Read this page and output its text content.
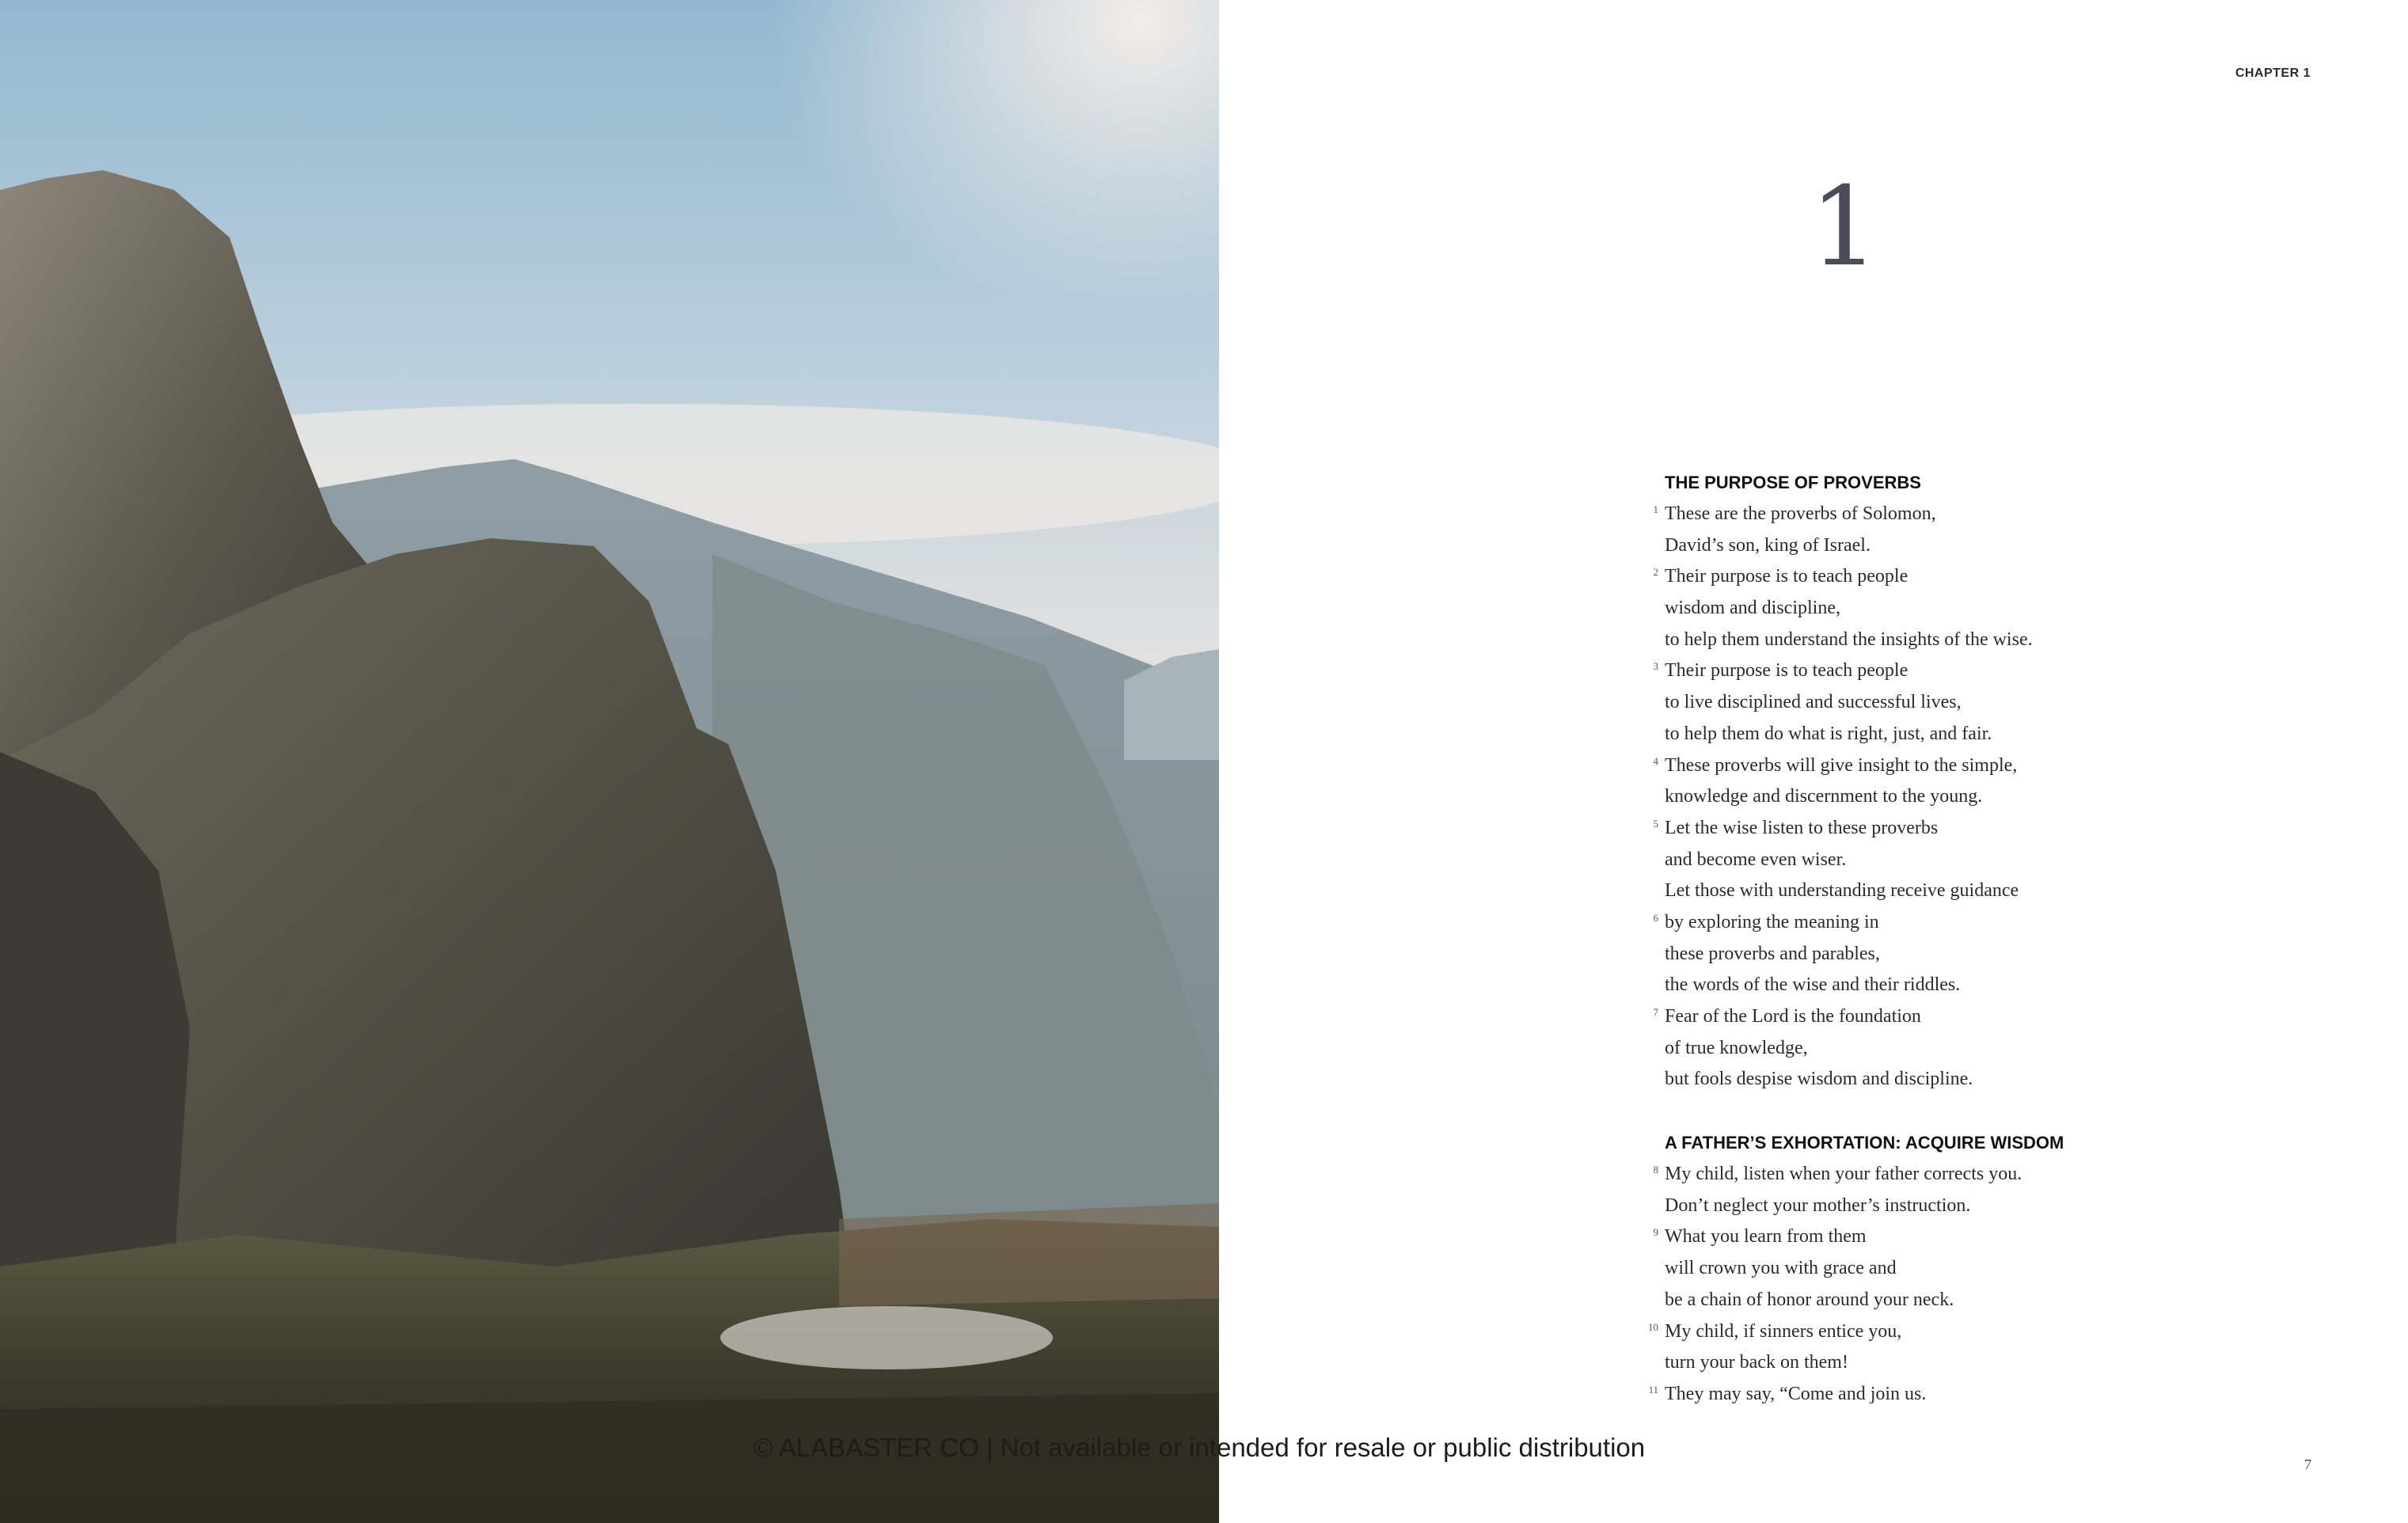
CHAPTER 1
1
THE PURPOSE OF PROVERBS
1 These are the proverbs of Solomon,
David’s son, king of Israel.
2 Their purpose is to teach people
wisdom and discipline,
to help them understand the insights of the wise.
3 Their purpose is to teach people
to live disciplined and successful lives,
to help them do what is right, just, and fair.
4 These proverbs will give insight to the simple,
knowledge and discernment to the young.
5 Let the wise listen to these proverbs
and become even wiser.
Let those with understanding receive guidance
6 by exploring the meaning in
these proverbs and parables,
the words of the wise and their riddles.
7 Fear of the Lord is the foundation
of true knowledge,
but fools despise wisdom and discipline.
A FATHER’S EXHORTATION: ACQUIRE WISDOM
8 My child, listen when your father corrects you.
Don’t neglect your mother’s instruction.
9 What you learn from them
will crown you with grace and
be a chain of honor around your neck.
10 My child, if sinners entice you,
turn your back on them!
11 They may say, “Come and join us.
7
© ALABASTER CO | Not available or intended for resale or public distribution
